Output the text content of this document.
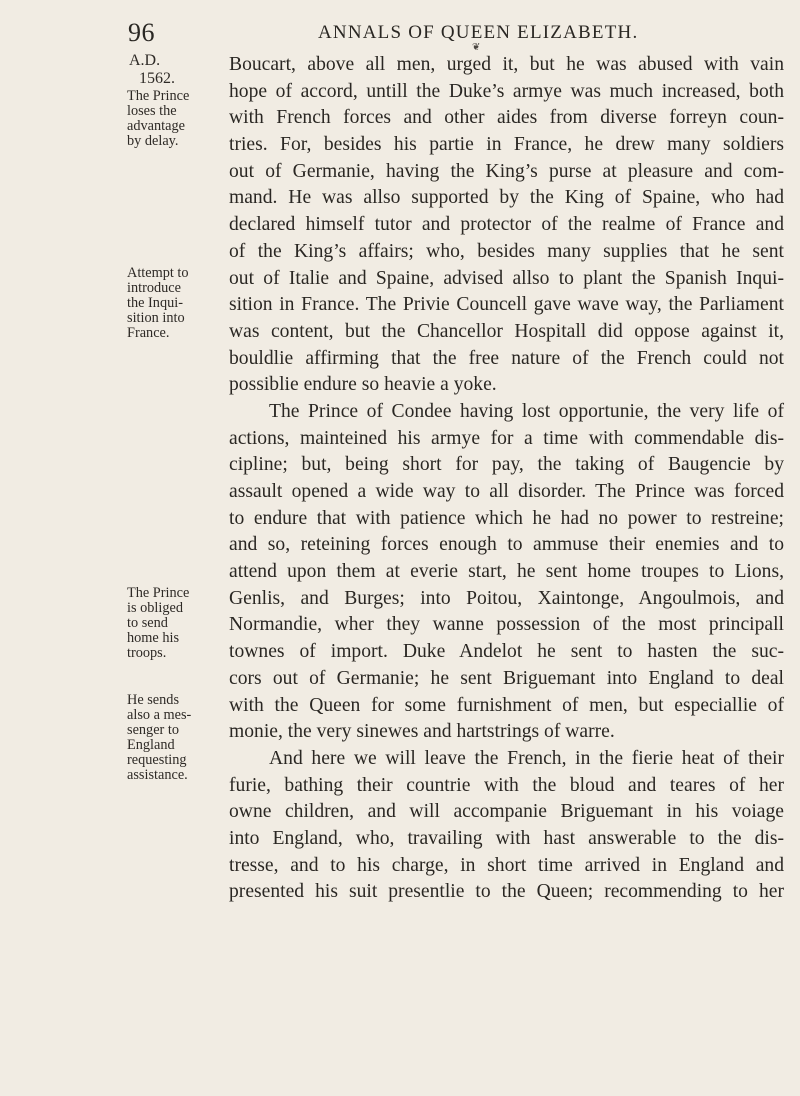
96	ANNALS OF QUEEN ELIZABETH.
❦
A.D.
1562.
The Prince
loses the
advantage
by delay.
Attempt to
introduce
the Inqui-
sition into
France.
The Prince
is obliged
to send
home his
troops.
He sends
also a mes-
senger to
England
requesting
assistance.
Boucart, above all men, urged it, but he was abused with vain
hope of accord, untill the Duke’s armye was much increased, both
with French forces and other aides from diverse forreyn coun-
tries. For, besides his partie in France, he drew many soldiers
out of Germanie, having the King’s purse at pleasure and com-
mand. He was allso supported by the King of Spaine, who had
declared himself tutor and protector of the realme of France and
of the King’s affairs; who, besides many supplies that he sent
out of Italie and Spaine, advised allso to plant the Spanish Inqui-
sition in France. The Privie Councell gave wave way, the Parliament
was content, but the Chancellor Hospitall did oppose against it,
bouldlie affirming that the free nature of the French could not
possiblie endure so heavie a yoke.
The Prince of Condee having lost opportunie, the very life of
actions, mainteined his armye for a time with commendable dis-
cipline; but, being short for pay, the taking of Baugencie by
assault opened a wide way to all disorder. The Prince was forced
to endure that with patience which he had no power to restreine;
and so, reteining forces enough to ammuse their enemies and to
attend upon them at everie start, he sent home troupes to Lions,
Genlis, and Burges; into Poitou, Xaintonge, Angoulmois, and
Normandie, wher they wanne possession of the most principall
townes of import. Duke Andelot he sent to hasten the suc-
cors out of Germanie; he sent Briguemant into England to deal
with the Queen for some furnishment of men, but especiallie of
monie, the very sinewes and hartstrings of warre.
And here we will leave the French, in the fierie heat of their
furie, bathing their countrie with the bloud and teares of her
owne children, and will accompanie Briguemant in his voiage
into England, who, travailing with hast answerable to the dis-
tresse, and to his charge, in short time arrived in England and
presented his suit presentlie to the Queen; recommending to her
